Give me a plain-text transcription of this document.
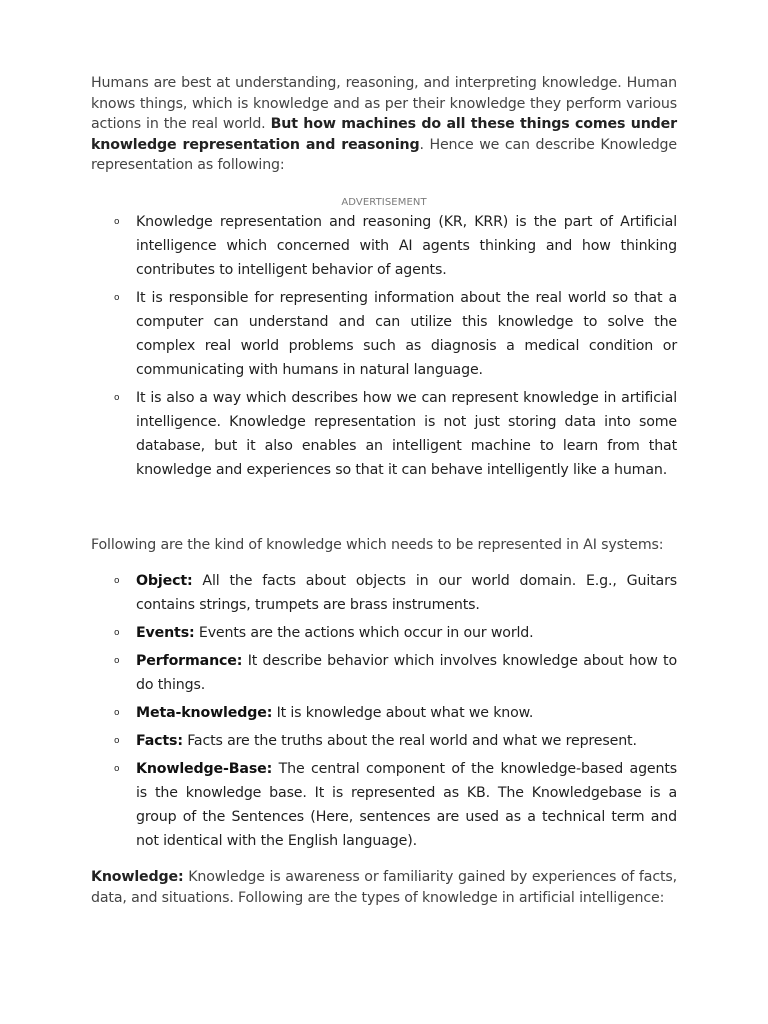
Humans are best at understanding, reasoning, and interpreting knowledge. Human knows things, which is knowledge and as per their knowledge they perform various actions in the real world. But how machines do all these things comes under knowledge representation and reasoning. Hence we can describe Knowledge representation as following:

ADVERTISEMENT
o Knowledge representation and reasoning (KR, KRR) is the part of Artificial intelligence which concerned with AI agents thinking and how thinking contributes to intelligent behavior of agents.
o It is responsible for representing information about the real world so that a computer can understand and can utilize this knowledge to solve the complex real world problems such as diagnosis a medical condition or communicating with humans in natural language.
o It is also a way which describes how we can represent knowledge in artificial intelligence. Knowledge representation is not just storing data into some database, but it also enables an intelligent machine to learn from that knowledge and experiences so that it can behave intelligently like a human.

Following are the kind of knowledge which needs to be represented in AI systems:

o Object: All the facts about objects in our world domain. E.g., Guitars contains strings, trumpets are brass instruments.
o Events: Events are the actions which occur in our world.
o Performance: It describe behavior which involves knowledge about how to do things.
o Meta-knowledge: It is knowledge about what we know.
o Facts: Facts are the truths about the real world and what we represent.
o Knowledge-Base: The central component of the knowledge-based agents is the knowledge base. It is represented as KB. The Knowledgebase is a group of the Sentences (Here, sentences are used as a technical term and not identical with the English language).

Knowledge: Knowledge is awareness or familiarity gained by experiences of facts, data, and situations. Following are the types of knowledge in artificial intelligence:
